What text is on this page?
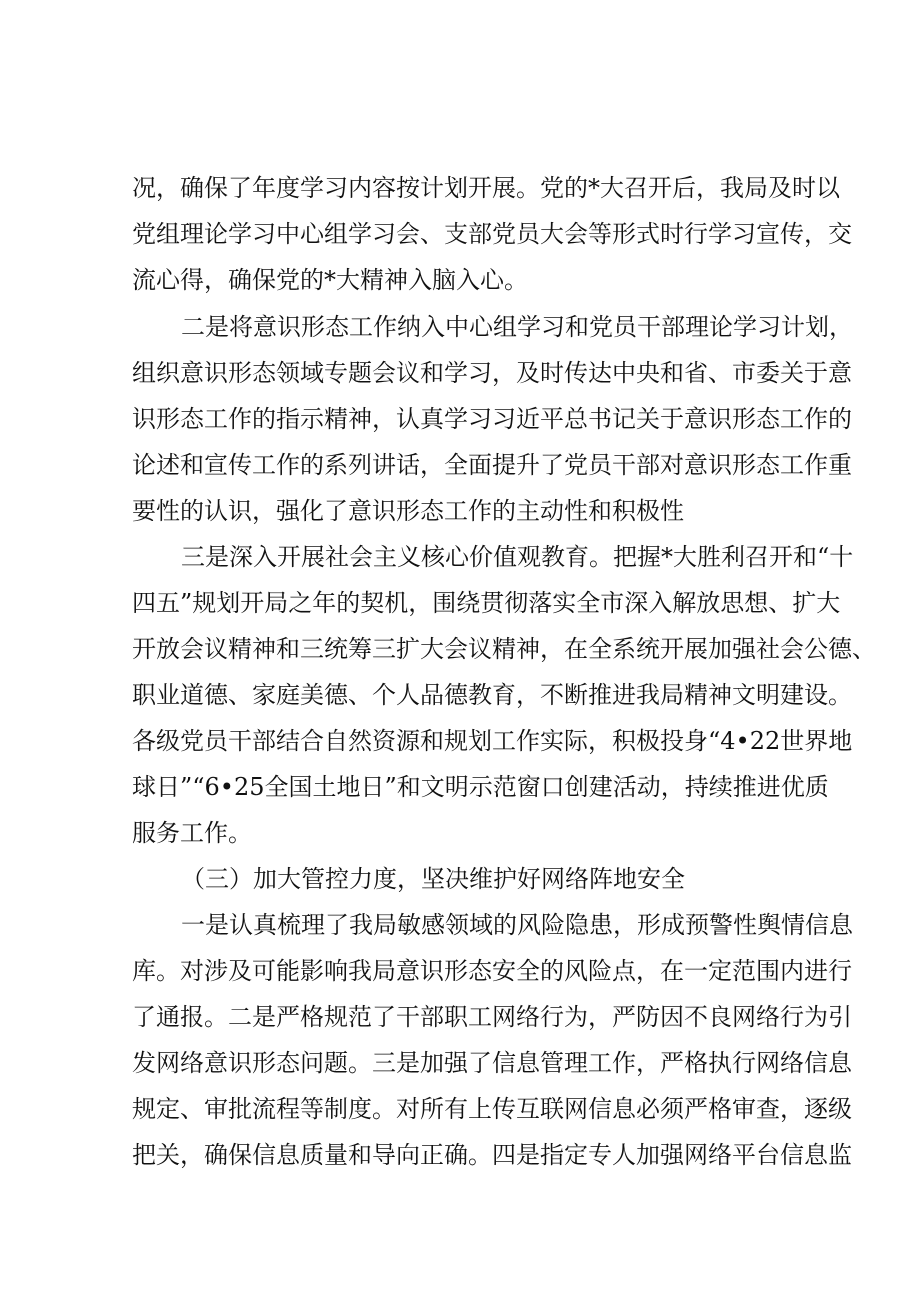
况，确保了年度学习内容按计划开展。党的*大召开后，我局及时以
党组理论学习中心组学习会、支部党员大会等形式时行学习宣传，交
流心得，确保党的*大精神入脑入心。
二是将意识形态工作纳入中心组学习和党员干部理论学习计划，
组织意识形态领域专题会议和学习，及时传达中央和省、市委关于意
识形态工作的指示精神，认真学习习近平总书记关于意识形态工作的
论述和宣传工作的系列讲话，全面提升了党员干部对意识形态工作重
要性的认识，强化了意识形态工作的主动性和积极性
三是深入开展社会主义核心价值观教育。把握*大胜利召开和“十
四五”规划开局之年的契机，围绕贯彻落实全市深入解放思想、扩大
开放会议精神和三统筹三扩大会议精神，在全系统开展加强社会公德、
职业道德、家庭美德、个人品德教育，不断推进我局精神文明建设。
各级党员干部结合自然资源和规划工作实际，积极投身“4•22世界地
球日”“6•25全国土地日”和文明示范窗口创建活动，持续推进优质
服务工作。
（三）加大管控力度，坚决维护好网络阵地安全
一是认真梳理了我局敏感领域的风险隐患，形成预警性舆情信息
库。对涉及可能影响我局意识形态安全的风险点，在一定范围内进行
了通报。二是严格规范了干部职工网络行为，严防因不良网络行为引
发网络意识形态问题。三是加强了信息管理工作，严格执行网络信息
规定、审批流程等制度。对所有上传互联网信息必须严格审查，逐级
把关，确保信息质量和导向正确。四是指定专人加强网络平台信息监
